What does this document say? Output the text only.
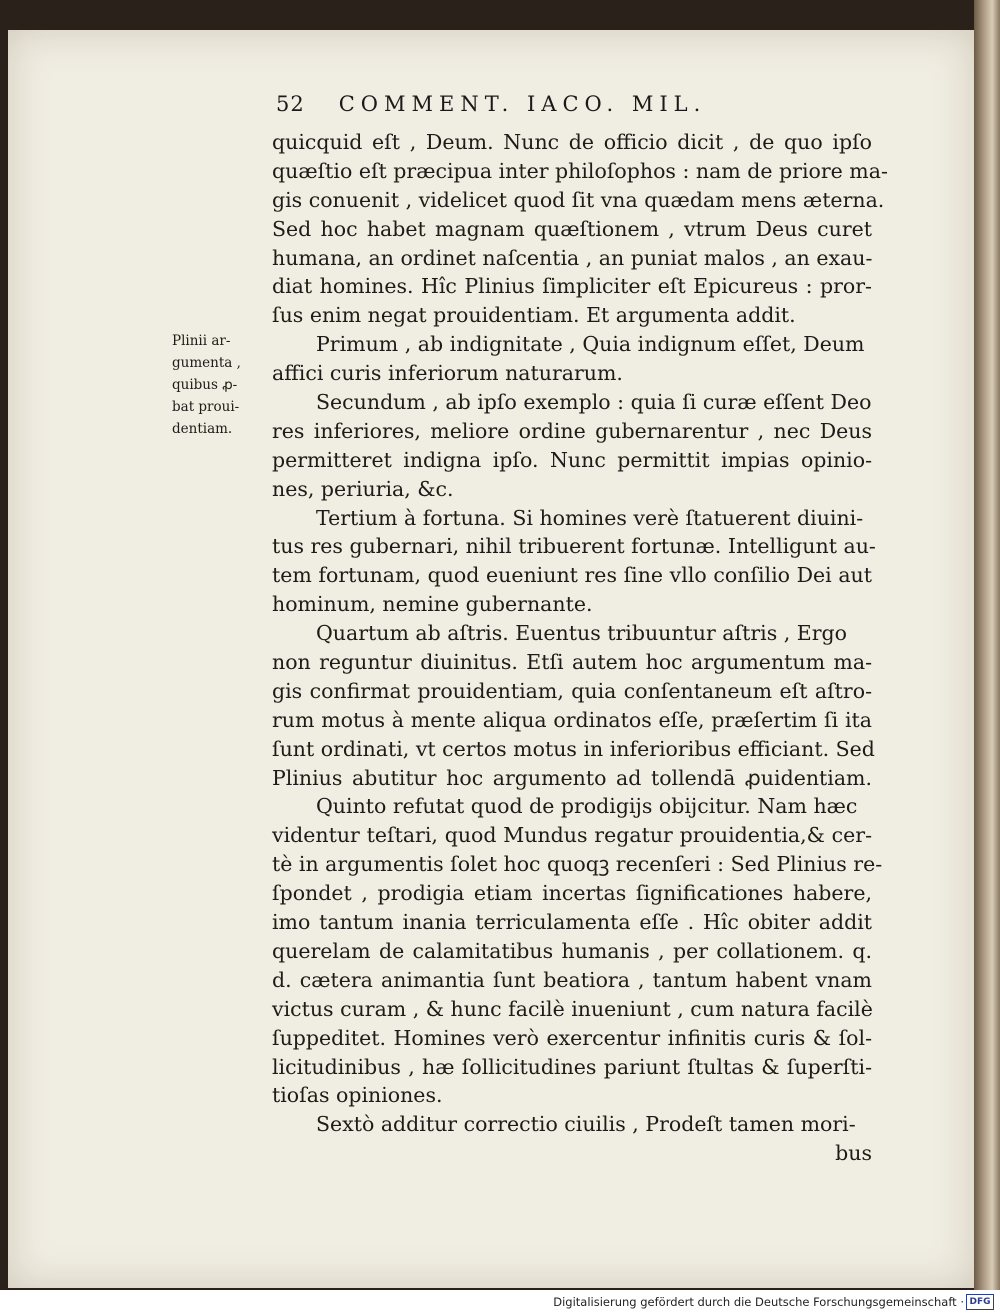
52 COMMENT. IACO. MIL.
Plinii ar-
gumenta ,
quibus ꝓ-
bat proui-
dentiam.
quicquid eſt , Deum. Nunc de officio dicit , de quo ipſo
quæſtio eſt præcipua inter philoſophos : nam de priore ma-
gis conuenit , videlicet quod ſit vna quædam mens æterna.
Sed hoc habet magnam quæſtionem , vtrum Deus curet
humana, an ordinet naſcentia , an puniat malos , an exau-
diat homines. Hîc Plinius ſimpliciter eſt Epicureus : pror-
ſus enim negat prouidentiam. Et argumenta addit.
Primum , ab indignitate , Quia indignum eſſet, Deum
affici curis inferiorum naturarum.
Secundum , ab ipſo exemplo : quia ſi curæ eſſent Deo
res inferiores, meliore ordine gubernarentur , nec Deus
permitteret indigna ipſo. Nunc permittit impias opinio-
nes, periuria, &c.
Tertium à fortuna. Si homines verè ſtatuerent diuini-
tus res gubernari, nihil tribuerent fortunæ. Intelligunt au-
tem fortunam, quod eueniunt res ſine vllo conſilio Dei aut
hominum, nemine gubernante.
Quartum ab aſtris. Euentus tribuuntur aſtris , Ergo
non reguntur diuinitus. Etſi autem hoc argumentum ma-
gis confirmat prouidentiam, quia conſentaneum eſt aſtro-
rum motus à mente aliqua ordinatos eſſe, præſertim ſi ita
ſunt ordinati, vt certos motus in inferioribus efficiant. Sed
Plinius abutitur hoc argumento ad tollendā ꝓuidentiam.
Quinto refutat quod de prodigijs obijcitur. Nam hæc
videntur teſtari, quod Mundus regatur prouidentia,& cer-
tè in argumentis ſolet hoc quoqꝫ recenſeri : Sed Plinius re-
ſpondet , prodigia etiam incertas ſignificationes habere,
imo tantum inania terriculamenta eſſe . Hîc obiter addit
querelam de calamitatibus humanis , per collationem. q.
d. cætera animantia ſunt beatiora , tantum habent vnam
victus curam , & hunc facilè inueniunt , cum natura facilè
ſuppeditet. Homines verò exercentur infinitis curis & ſol-
licitudinibus , hæ ſollicitudines pariunt ſtultas & ſuperſti-
tioſas opiniones.
Sextò additur correctio ciuilis , Prodeſt tamen mori-
bus
Digitalisierung gefördert durch die Deutsche Forschungsgemeinschaft · DFG
